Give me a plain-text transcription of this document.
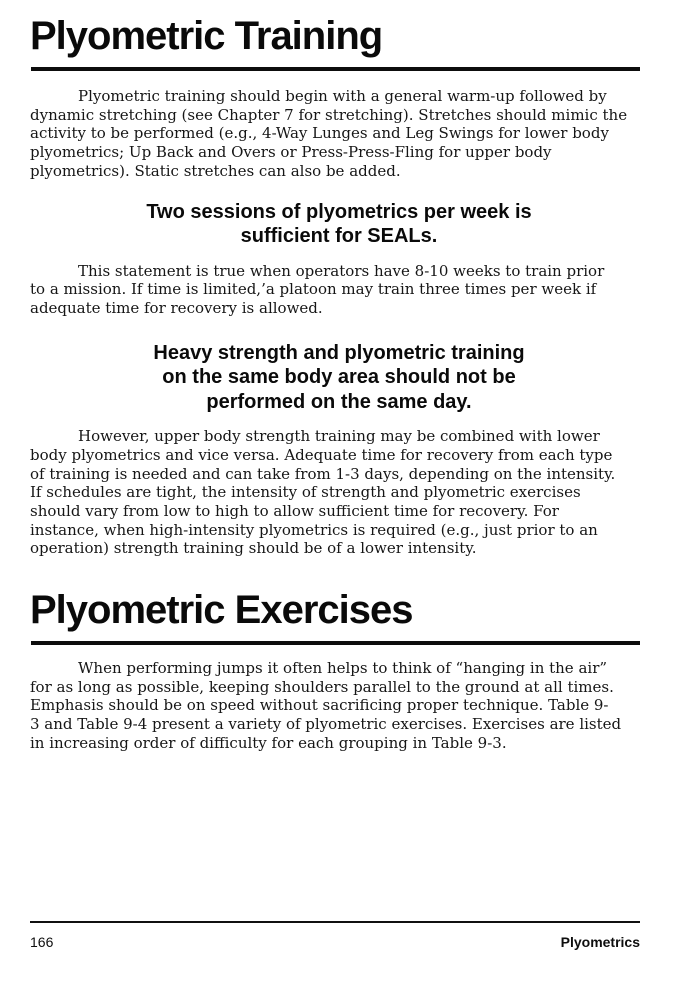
Plyometric Training
Plyometric training should begin with a general warm-up followed by
dynamic stretching (see Chapter 7 for stretching). Stretches should mimic the
activity to be performed (e.g., 4-Way Lunges and Leg Swings for lower body
plyometrics; Up Back and Overs or Press-Press-Fling for upper body
plyometrics). Static stretches can also be added.
Two sessions of plyometrics per week is
sufficient for SEALs.
This statement is true when operators have 8-10 weeks to train prior
to a mission. If time is limited,’a platoon may train three times per week if
adequate time for recovery is allowed.
Heavy strength and plyometric training
on the same body area should not be
performed on the same day.
However, upper body strength training may be combined with lower
body plyometrics and vice versa. Adequate time for recovery from each type
of training is needed and can take from 1-3 days, depending on the intensity.
If schedules are tight, the intensity of strength and plyometric exercises
should vary from low to high to allow sufficient time for recovery. For
instance, when high-intensity plyometrics is required (e.g., just prior to an
operation) strength training should be of a lower intensity.
Plyometric Exercises
When performing jumps it often helps to think of “hanging in the air”
for as long as possible, keeping shoulders parallel to the ground at all times.
Emphasis should be on speed without sacrificing proper technique. Table 9-
3 and Table 9-4 present a variety of plyometric exercises. Exercises are listed
in increasing order of difficulty for each grouping in Table 9-3.
166	Plyometrics
